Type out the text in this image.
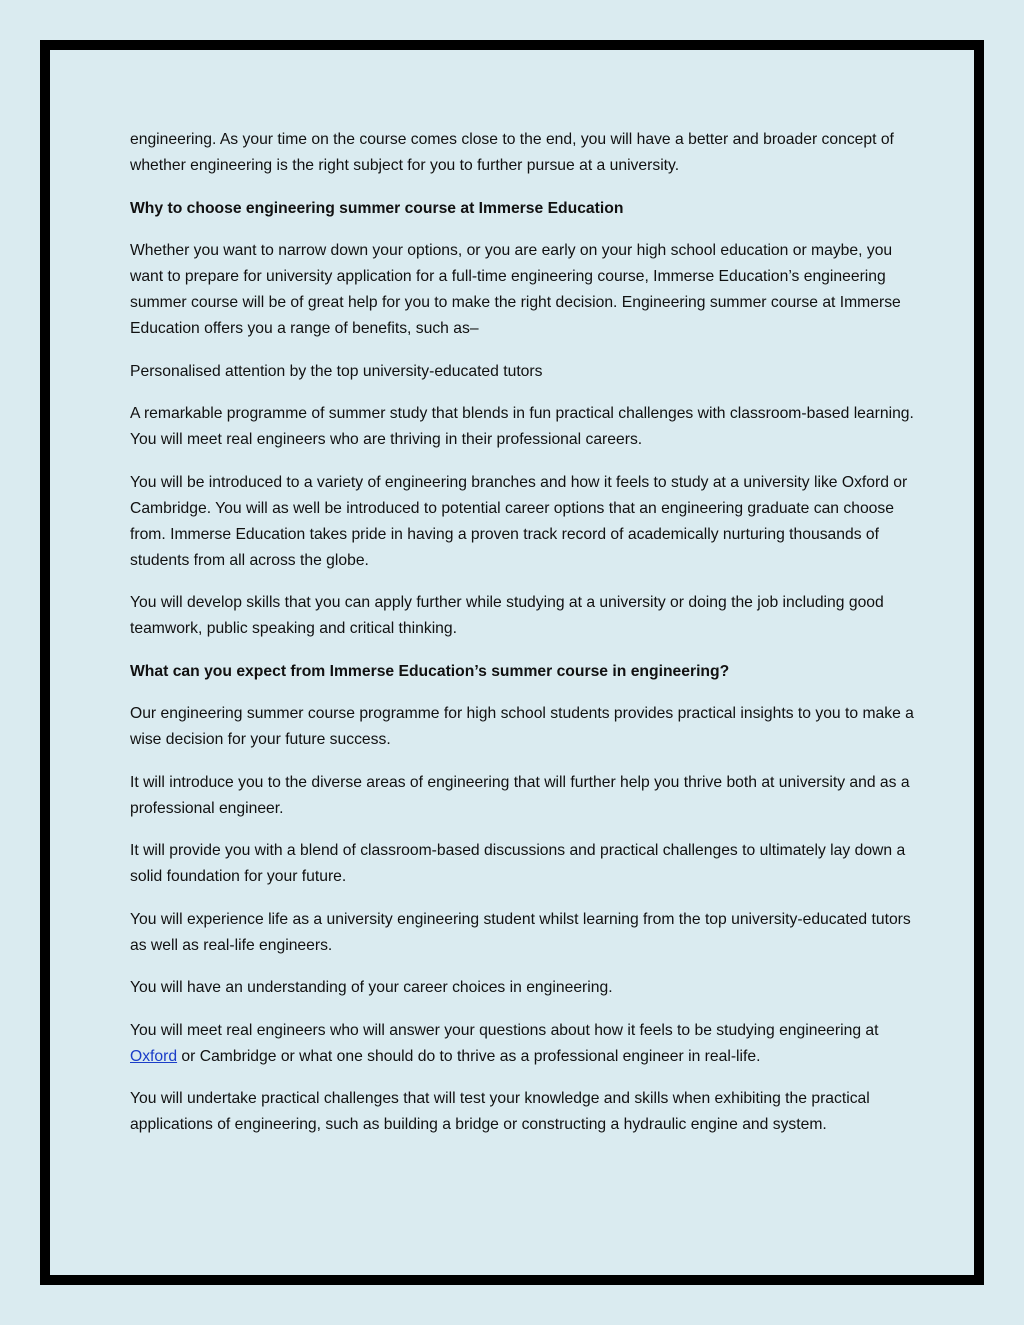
engineering. As your time on the course comes close to the end, you will have a better and broader concept of whether engineering is the right subject for you to further pursue at a university.

Why to choose engineering summer course at Immerse Education

Whether you want to narrow down your options, or you are early on your high school education or maybe, you want to prepare for university application for a full-time engineering course, Immerse Education’s engineering summer course will be of great help for you to make the right decision. Engineering summer course at Immerse Education offers you a range of benefits, such as–

Personalised attention by the top university-educated tutors

A remarkable programme of summer study that blends in fun practical challenges with classroom-based learning. You will meet real engineers who are thriving in their professional careers.

You will be introduced to a variety of engineering branches and how it feels to study at a university like Oxford or Cambridge. You will as well be introduced to potential career options that an engineering graduate can choose from. Immerse Education takes pride in having a proven track record of academically nurturing thousands of students from all across the globe.

You will develop skills that you can apply further while studying at a university or doing the job including good teamwork, public speaking and critical thinking.

What can you expect from Immerse Education’s summer course in engineering?

Our engineering summer course programme for high school students provides practical insights to you to make a wise decision for your future success.

It will introduce you to the diverse areas of engineering that will further help you thrive both at university and as a professional engineer.

It will provide you with a blend of classroom-based discussions and practical challenges to ultimately lay down a solid foundation for your future.

You will experience life as a university engineering student whilst learning from the top university-educated tutors as well as real-life engineers.

You will have an understanding of your career choices in engineering.

You will meet real engineers who will answer your questions about how it feels to be studying engineering at Oxford or Cambridge or what one should do to thrive as a professional engineer in real-life.

You will undertake practical challenges that will test your knowledge and skills when exhibiting the practical applications of engineering, such as building a bridge or constructing a hydraulic engine and system.
